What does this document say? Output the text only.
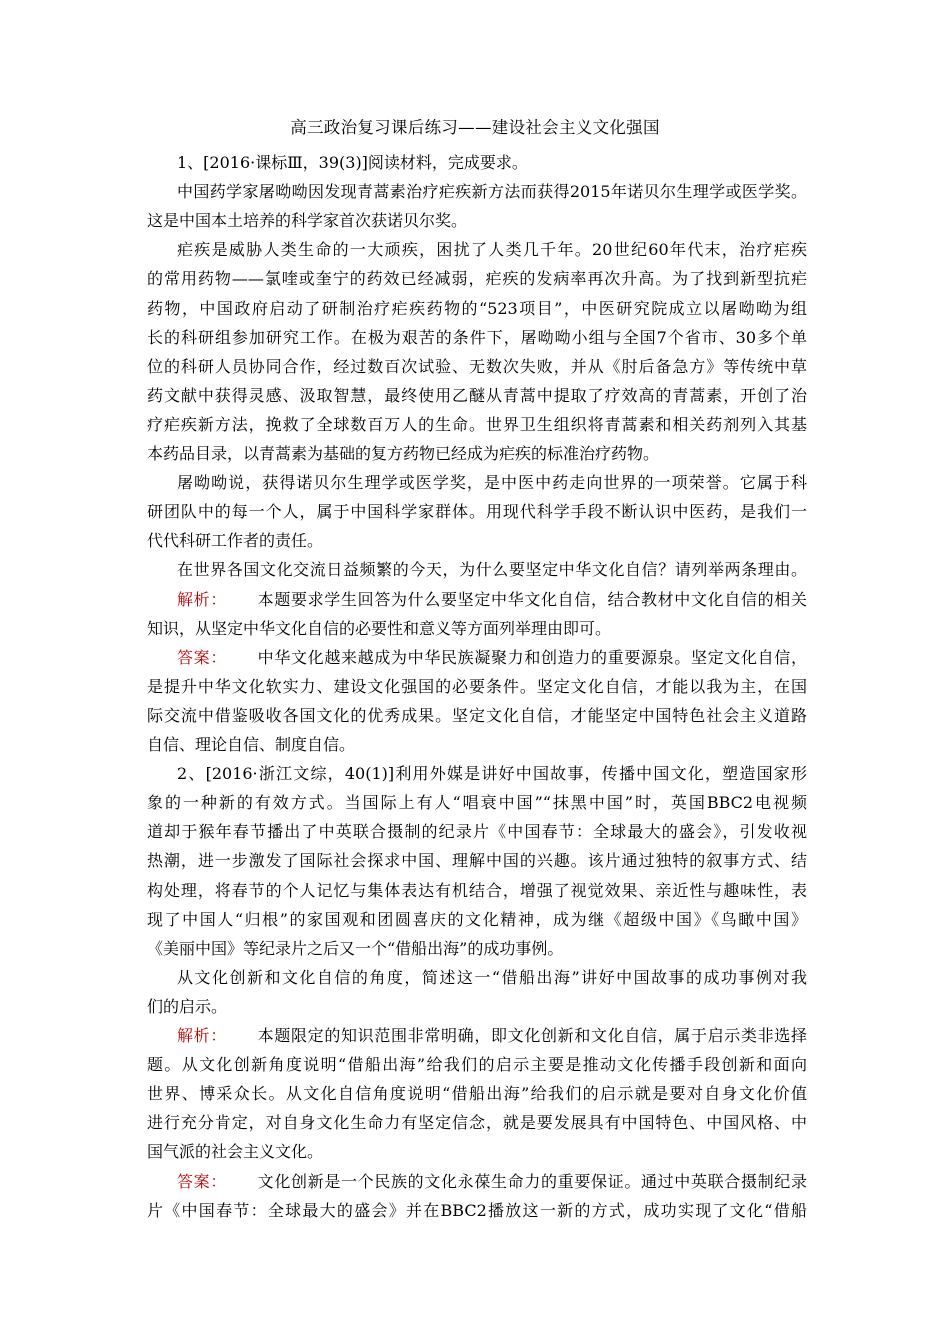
高三政治复习课后练习——建设社会主义文化强国
1、[2016·课标Ⅲ，39(3)]阅读材料，完成要求。
中国药学家屠呦呦因发现青蒿素治疗疟疾新方法而获得2015年诺贝尔生理学或医学奖。
这是中国本土培养的科学家首次获诺贝尔奖。
疟疾是威胁人类生命的一大顽疾，困扰了人类几千年。20世纪60年代末，治疗疟疾
的常用药物——氯喹或奎宁的药效已经减弱，疟疾的发病率再次升高。为了找到新型抗疟
药物，中国政府启动了研制治疗疟疾药物的“523项目”，中医研究院成立以屠呦呦为组
长的科研组参加研究工作。在极为艰苦的条件下，屠呦呦小组与全国7个省市、30多个单
位的科研人员协同合作，经过数百次试验、无数次失败，并从《肘后备急方》等传统中草
药文献中获得灵感、汲取智慧，最终使用乙醚从青蒿中提取了疗效高的青蒿素，开创了治
疗疟疾新方法，挽救了全球数百万人的生命。世界卫生组织将青蒿素和相关药剂列入其基
本药品目录，以青蒿素为基础的复方药物已经成为疟疾的标准治疗药物。
屠呦呦说，获得诺贝尔生理学或医学奖，是中医中药走向世界的一项荣誉。它属于科
研团队中的每一个人，属于中国科学家群体。用现代科学手段不断认识中医药，是我们一
代代科研工作者的责任。
在世界各国文化交流日益频繁的今天，为什么要坚定中华文化自信？请列举两条理由。
解析： 本题要求学生回答为什么要坚定中华文化自信，结合教材中文化自信的相关
知识，从坚定中华文化自信的必要性和意义等方面列举理由即可。
答案： 中华文化越来越成为中华民族凝聚力和创造力的重要源泉。坚定文化自信，
是提升中华文化软实力、建设文化强国的必要条件。坚定文化自信，才能以我为主，在国
际交流中借鉴吸收各国文化的优秀成果。坚定文化自信，才能坚定中国特色社会主义道路
自信、理论自信、制度自信。
2、[2016·浙江文综，40(1)]利用外媒是讲好中国故事，传播中国文化，塑造国家形
象的一种新的有效方式。当国际上有人“唱衰中国”“抹黑中国”时，英国BBC2电视频
道却于猴年春节播出了中英联合摄制的纪录片《中国春节：全球最大的盛会》，引发收视
热潮，进一步激发了国际社会探求中国、理解中国的兴趣。该片通过独特的叙事方式、结
构处理，将春节的个人记忆与集体表达有机结合，增强了视觉效果、亲近性与趣味性，表
现了中国人“归根”的家国观和团圆喜庆的文化精神，成为继《超级中国》《鸟瞰中国》
《美丽中国》等纪录片之后又一个“借船出海”的成功事例。
从文化创新和文化自信的角度，简述这一“借船出海”讲好中国故事的成功事例对我
们的启示。
解析： 本题限定的知识范围非常明确，即文化创新和文化自信，属于启示类非选择
题。从文化创新角度说明“借船出海”给我们的启示主要是推动文化传播手段创新和面向
世界、博采众长。从文化自信角度说明“借船出海”给我们的启示就是要对自身文化价值
进行充分肯定，对自身文化生命力有坚定信念，就是要发展具有中国特色、中国风格、中
国气派的社会主义文化。
答案： 文化创新是一个民族的文化永葆生命力的重要保证。通过中英联合摄制纪录
片《中国春节：全球最大的盛会》并在BBC2播放这一新的方式，成功实现了文化“借船
